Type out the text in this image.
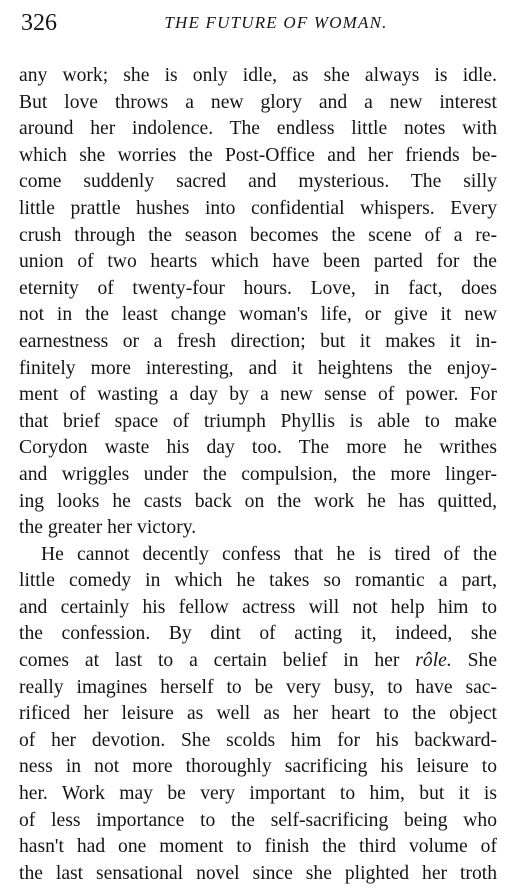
326	THE FUTURE OF WOMAN.
any work; she is only idle, as she always is idle.
But love throws a new glory and a new interest
around her indolence. The endless little notes with
which she worries the Post-Office and her friends be-
come suddenly sacred and mysterious. The silly
little prattle hushes into confidential whispers. Every
crush through the season becomes the scene of a re-
union of two hearts which have been parted for the
eternity of twenty-four hours. Love, in fact, does
not in the least change woman's life, or give it new
earnestness or a fresh direction; but it makes it in-
finitely more interesting, and it heightens the enjoy-
ment of wasting a day by a new sense of power. For
that brief space of triumph Phyllis is able to make
Corydon waste his day too. The more he writhes
and wriggles under the compulsion, the more linger-
ing looks he casts back on the work he has quitted,
the greater her victory.
He cannot decently confess that he is tired of the
little comedy in which he takes so romantic a part,
and certainly his fellow actress will not help him to
the confession. By dint of acting it, indeed, she
comes at last to a certain belief in her rôle. She
really imagines herself to be very busy, to have sac-
rificed her leisure as well as her heart to the object
of her devotion. She scolds him for his backward-
ness in not more thoroughly sacrificing his leisure to
her. Work may be very important to him, but it is
of less importance to the self-sacrificing being who
hasn't had one moment to finish the third volume of
the last sensational novel since she plighted her troth
